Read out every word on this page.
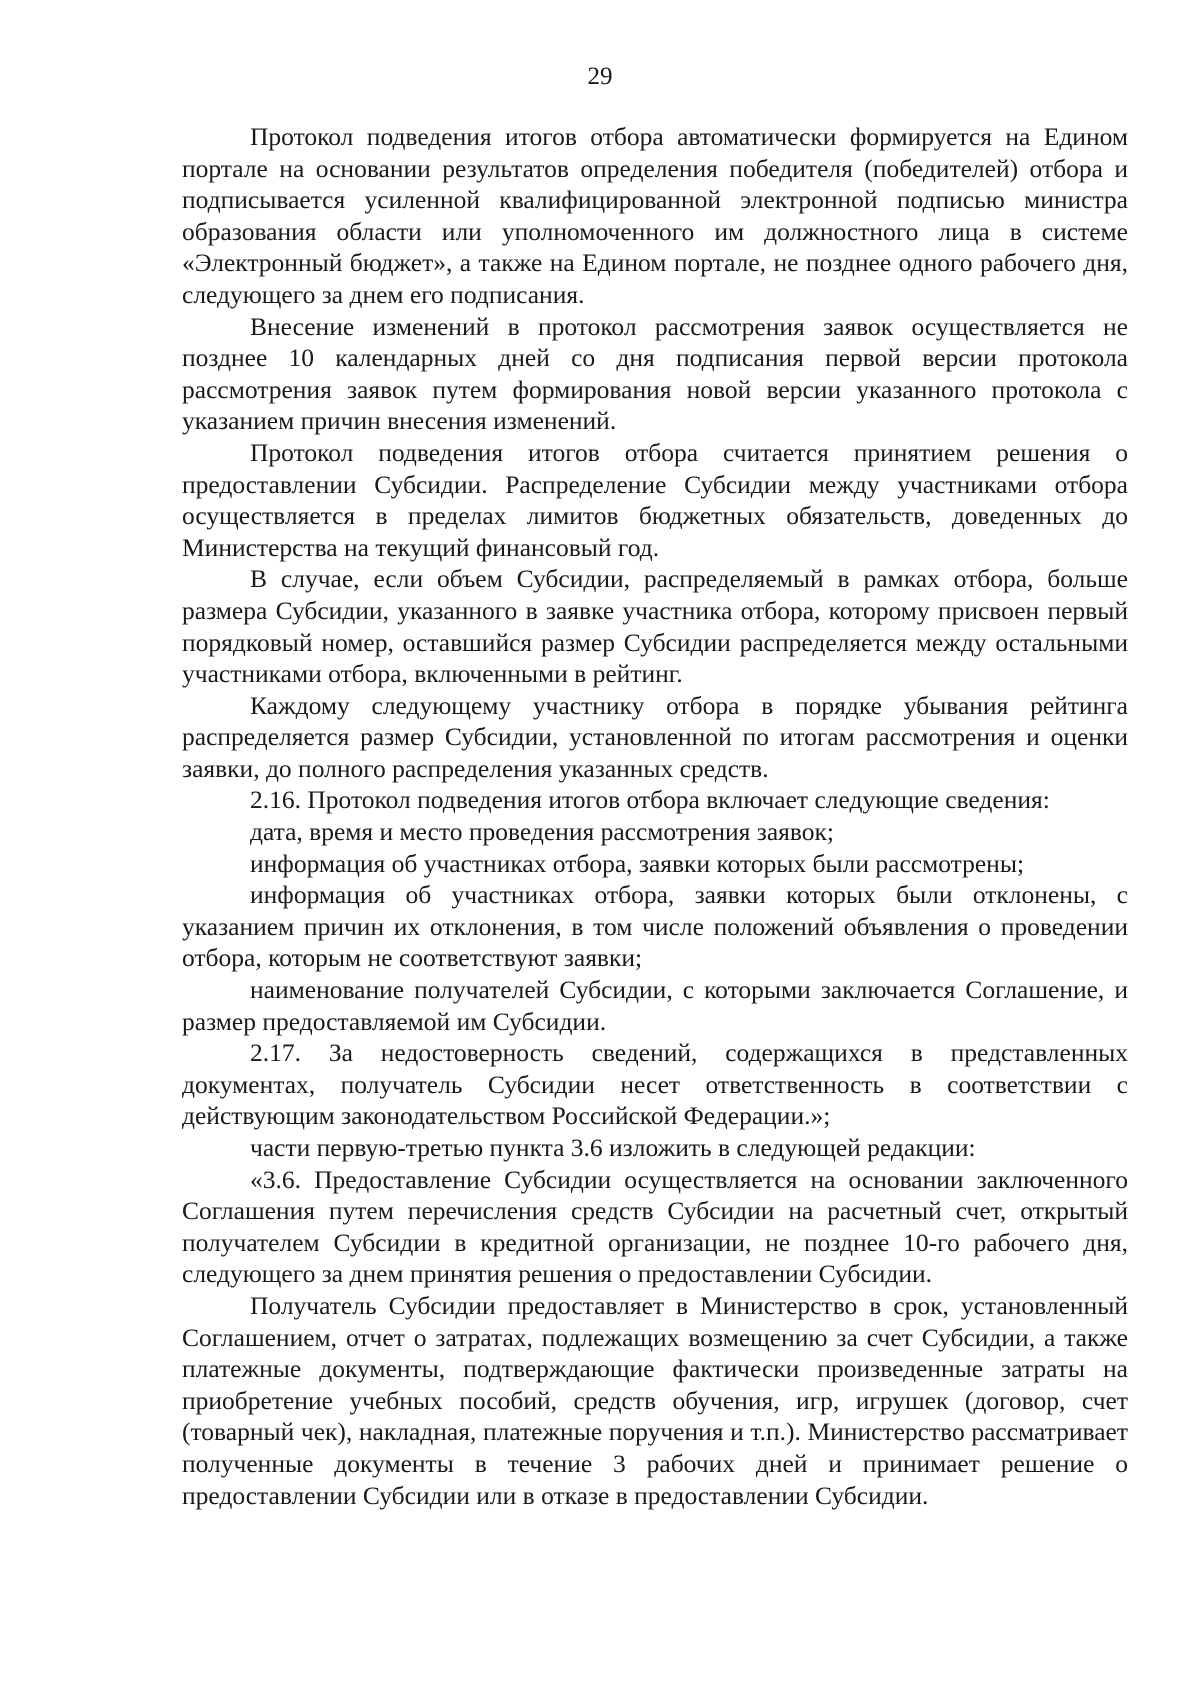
29

Протокол подведения итогов отбора автоматически формируется на Едином портале на основании результатов определения победителя (победителей) отбора и подписывается усиленной квалифицированной электронной подписью министра образования области или уполномоченного им должностного лица в системе «Электронный бюджет», а также на Едином портале, не позднее одного рабочего дня, следующего за днем его подписания.

Внесение изменений в протокол рассмотрения заявок осуществляется не позднее 10 календарных дней со дня подписания первой версии протокола рассмотрения заявок путем формирования новой версии указанного протокола с указанием причин внесения изменений.

Протокол подведения итогов отбора считается принятием решения о предоставлении Субсидии. Распределение Субсидии между участниками отбора осуществляется в пределах лимитов бюджетных обязательств, доведенных до Министерства на текущий финансовый год.

В случае, если объем Субсидии, распределяемый в рамках отбора, больше размера Субсидии, указанного в заявке участника отбора, которому присвоен первый порядковый номер, оставшийся размер Субсидии распределяется между остальными участниками отбора, включенными в рейтинг.

Каждому следующему участнику отбора в порядке убывания рейтинга распределяется размер Субсидии, установленной по итогам рассмотрения и оценки заявки, до полного распределения указанных средств.

2.16. Протокол подведения итогов отбора включает следующие сведения:

дата, время и место проведения рассмотрения заявок;

информация об участниках отбора, заявки которых были рассмотрены;

информация об участниках отбора, заявки которых были отклонены, с указанием причин их отклонения, в том числе положений объявления о проведении отбора, которым не соответствуют заявки;

наименование получателей Субсидии, с которыми заключается Соглашение, и размер предоставляемой им Субсидии.

2.17. За недостоверность сведений, содержащихся в представленных документах, получатель Субсидии несет ответственность в соответствии с действующим законодательством Российской Федерации.»;

части первую-третью пункта 3.6 изложить в следующей редакции:

«3.6. Предоставление Субсидии осуществляется на основании заключенного Соглашения путем перечисления средств Субсидии на расчетный счет, открытый получателем Субсидии в кредитной организации, не позднее 10-го рабочего дня, следующего за днем принятия решения о предоставлении Субсидии.

Получатель Субсидии предоставляет в Министерство в срок, установленный Соглашением, отчет о затратах, подлежащих возмещению за счет Субсидии, а также платежные документы, подтверждающие фактически произведенные затраты на приобретение учебных пособий, средств обучения, игр, игрушек (договор, счет (товарный чек), накладная, платежные поручения и т.п.). Министерство рассматривает полученные документы в течение 3 рабочих дней и принимает решение о предоставлении Субсидии или в отказе в предоставлении Субсидии.
